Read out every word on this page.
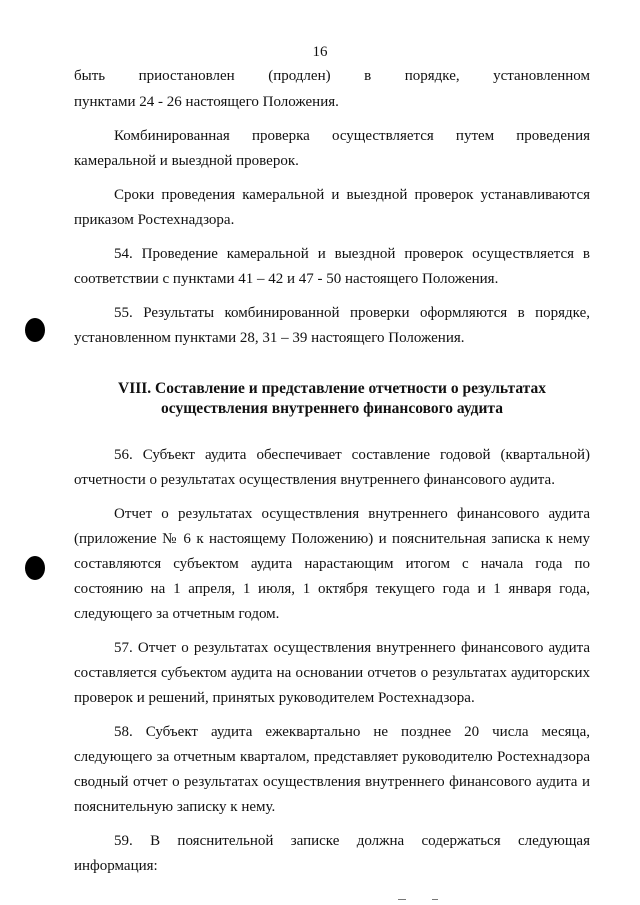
16

быть приостановлен (продлен) в порядке, установленном

пунктами 24 - 26 настоящего Положения.

Комбинированная проверка осуществляется путем проведения камеральной и выездной проверок.

Сроки проведения камеральной и выездной проверок устанавливаются приказом Ростехнадзора.

54. Проведение камеральной и выездной проверок осуществляется в соответствии с пунктами 41 – 42 и 47 - 50 настоящего Положения.

55. Результаты комбинированной проверки оформляются в порядке, установленном пунктами 28, 31 – 39 настоящего Положения.

VIII. Составление и представление отчетности о результатах
осуществления внутреннего финансового аудита

56. Субъект аудита обеспечивает составление годовой (квартальной) отчетности о результатах осуществления внутреннего финансового аудита.

Отчет о результатах осуществления внутреннего финансового аудита (приложение № 6 к настоящему Положению) и пояснительная записка к нему составляются субъектом аудита нарастающим итогом с начала года по состоянию на 1 апреля, 1 июля, 1 октября текущего года и 1 января года, следующего за отчетным годом.

57. Отчет о результатах осуществления внутреннего финансового аудита составляется субъектом аудита на основании отчетов о результатах аудиторских проверок и решений, принятых руководителем Ростехнадзора.

58. Субъект аудита ежеквартально не позднее 20 числа месяца, следующего за отчетным кварталом, представляет руководителю Ростехнадзора сводный отчет о результатах осуществления внутреннего финансового аудита и пояснительную записку к нему.

59. В пояснительной записке должна содержаться следующая информация:
